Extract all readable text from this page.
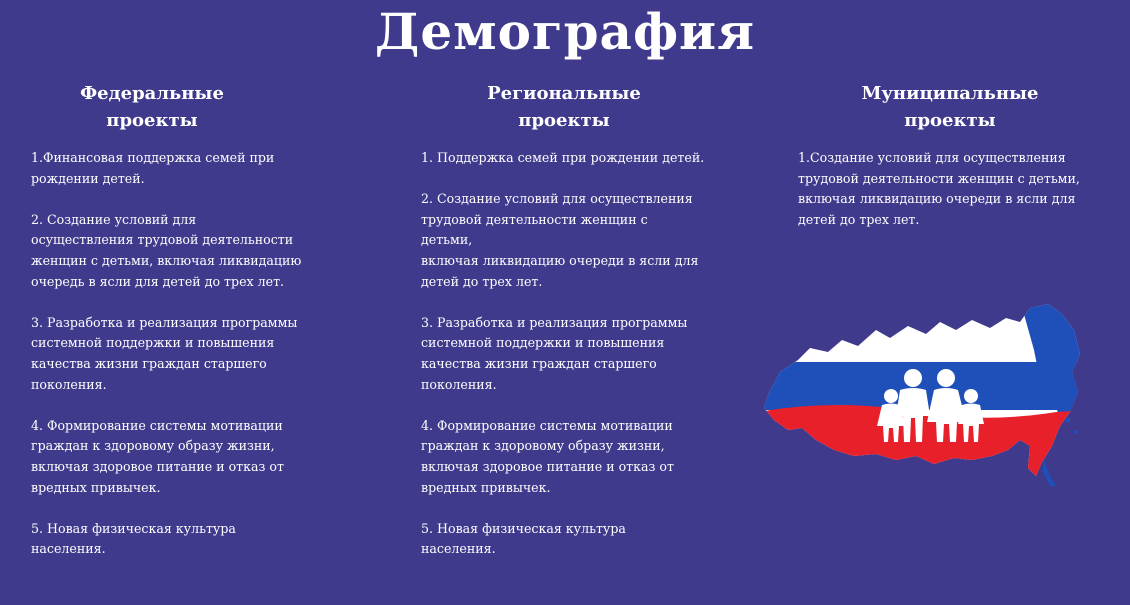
Демография
Федеральные
проекты
Региональные
проекты
Муниципальные
проекты
1.Финансовая поддержка семей при
рождении детей.
2. Создание условий для
осуществления трудовой деятельности
женщин с детьми, включая ликвидацию
очередь в ясли для детей до трех лет.
3. Разработка и реализация программы
системной поддержки и повышения
качества жизни граждан старшего
поколения.
4. Формирование системы мотивации
граждан к здоровому образу жизни,
включая здоровое питание и отказ от
вредных привычек.
5. Новая физическая культура
населения.
1. Поддержка семей при рождении детей.
2. Создание условий для осуществления
трудовой деятельности женщин с
детьми,
включая ликвидацию очереди в ясли для
детей до трех лет.
3. Разработка и реализация программы
системной поддержки и повышения
качества жизни граждан старшего
поколения.
4. Формирование системы мотивации
граждан к здоровому образу жизни,
включая здоровое питание и отказ от
вредных привычек.
5. Новая физическая культура
населения.
1.Создание условий для осуществления
трудовой деятельности женщин с детьми,
включая ликвидацию очереди в ясли для
детей до трех лет.
